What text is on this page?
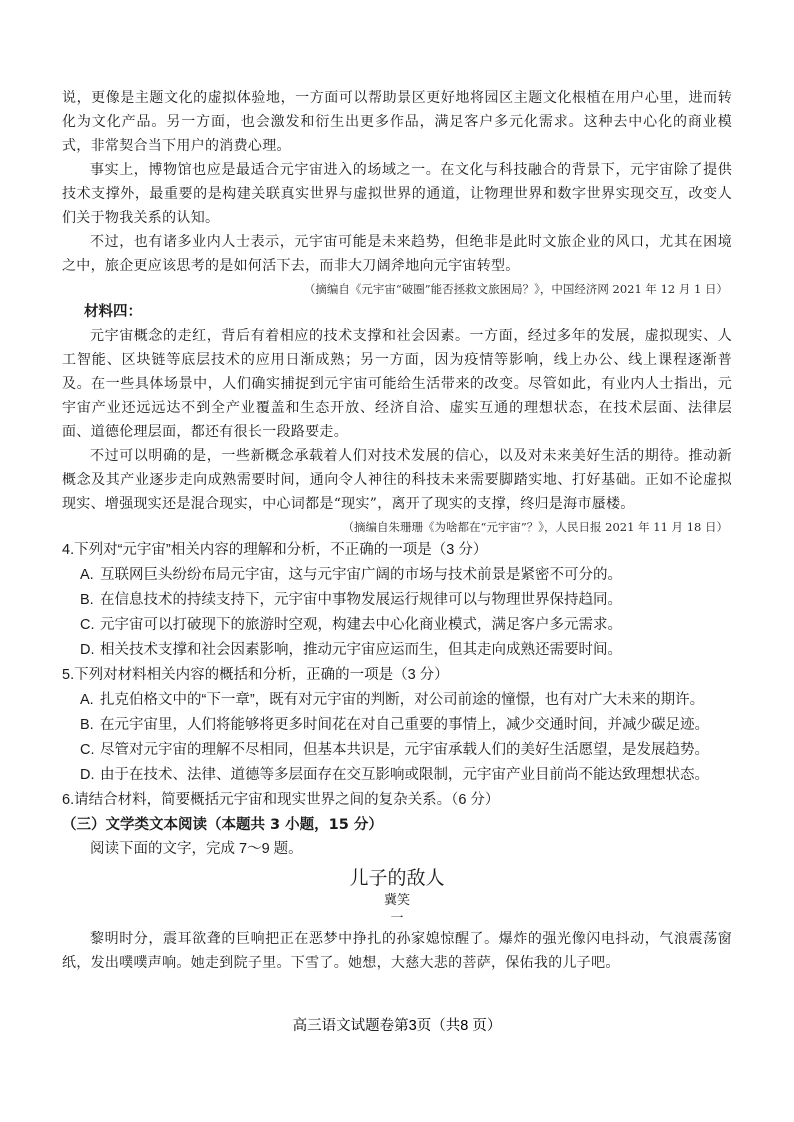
说，更像是主题文化的虚拟体验地，一方面可以帮助景区更好地将园区主题文化根植在用户心里，进而转化为文化产品。另一方面，也会激发和衍生出更多作品，满足客户多元化需求。这种去中心化的商业模式，非常契合当下用户的消费心理。

事实上，博物馆也应是最适合元宇宙进入的场域之一。在文化与科技融合的背景下，元宇宙除了提供技术支撑外，最重要的是构建关联真实世界与虚拟世界的通道，让物理世界和数字世界实现交互，改变人们关于物我关系的认知。

不过，也有诸多业内人士表示，元宇宙可能是未来趋势，但绝非是此时文旅企业的风口，尤其在困境之中，旅企更应该思考的是如何活下去，而非大刀阔斧地向元宇宙转型。

（摘编自《元宇宙“破圈”能否拯救文旅困局？》，中国经济网 2021 年 12 月 1 日）

材料四：

元宇宙概念的走红，背后有着相应的技术支撑和社会因素。一方面，经过多年的发展，虚拟现实、人工智能、区块链等底层技术的应用日渐成熟；另一方面，因为疫情等影响，线上办公、线上课程逐渐普及。在一些具体场景中，人们确实捕捉到元宇宙可能给生活带来的改变。尽管如此，有业内人士指出，元宇宙产业还远远达不到全产业覆盖和生态开放、经济自洽、虚实互通的理想状态，在技术层面、法律层面、道德伦理层面，都还有很长一段路要走。

不过可以明确的是，一些新概念承载着人们对技术发展的信心，以及对未来美好生活的期待。推动新概念及其产业逐步走向成熟需要时间，通向令人神往的科技未来需要脚踏实地、打好基础。正如不论虚拟现实、增强现实还是混合现实，中心词都是“现实”，离开了现实的支撑，终归是海市蜃楼。

（摘编自朱珊珊《为啥都在“元宇宙”？》，人民日报 2021 年 11 月 18 日）

4.下列对“元宇宙”相关内容的理解和分析，不正确的一项是（3 分）

A. 互联网巨头纷纷布局元宇宙，这与元宇宙广阔的市场与技术前景是紧密不可分的。
B. 在信息技术的持续支持下，元宇宙中事物发展运行规律可以与物理世界保持趋同。
C. 元宇宙可以打破现下的旅游时空观，构建去中心化商业模式，满足客户多元需求。
D. 相关技术支撑和社会因素影响，推动元宇宙应运而生，但其走向成熟还需要时间。

5.下列对材料相关内容的概括和分析，正确的一项是（3 分）

A. 扎克伯格文中的“下一章”，既有对元宇宙的判断，对公司前途的憧憬，也有对广大未来的期许。
B. 在元宇宙里，人们将能够将更多时间花在对自己重要的事情上，减少交通时间，并减少碳足迹。
C. 尽管对元宇宙的理解不尽相同，但基本共识是，元宇宙承载人们的美好生活愿望，是发展趋势。
D. 由于在技术、法律、道德等多层面存在交互影响或限制，元宇宙产业目前尚不能达致理想状态。

6.请结合材料，简要概括元宇宙和现实世界之间的复杂关系。（6 分）

（三）文学类文本阅读（本题共 3 小题，15 分）

阅读下面的文字，完成 7～9 题。

儿子的敌人

冀笑

一

黎明时分，震耳欲聋的巨响把正在恶梦中挣扎的孙家媳惊醒了。爆炸的强光像闪电抖动，气浪震荡窗纸，发出噗噗声响。她走到院子里。下雪了。她想，大慈大悲的菩萨，保佑我的儿子吧。

高三语文试题卷第3页（共8 页）
